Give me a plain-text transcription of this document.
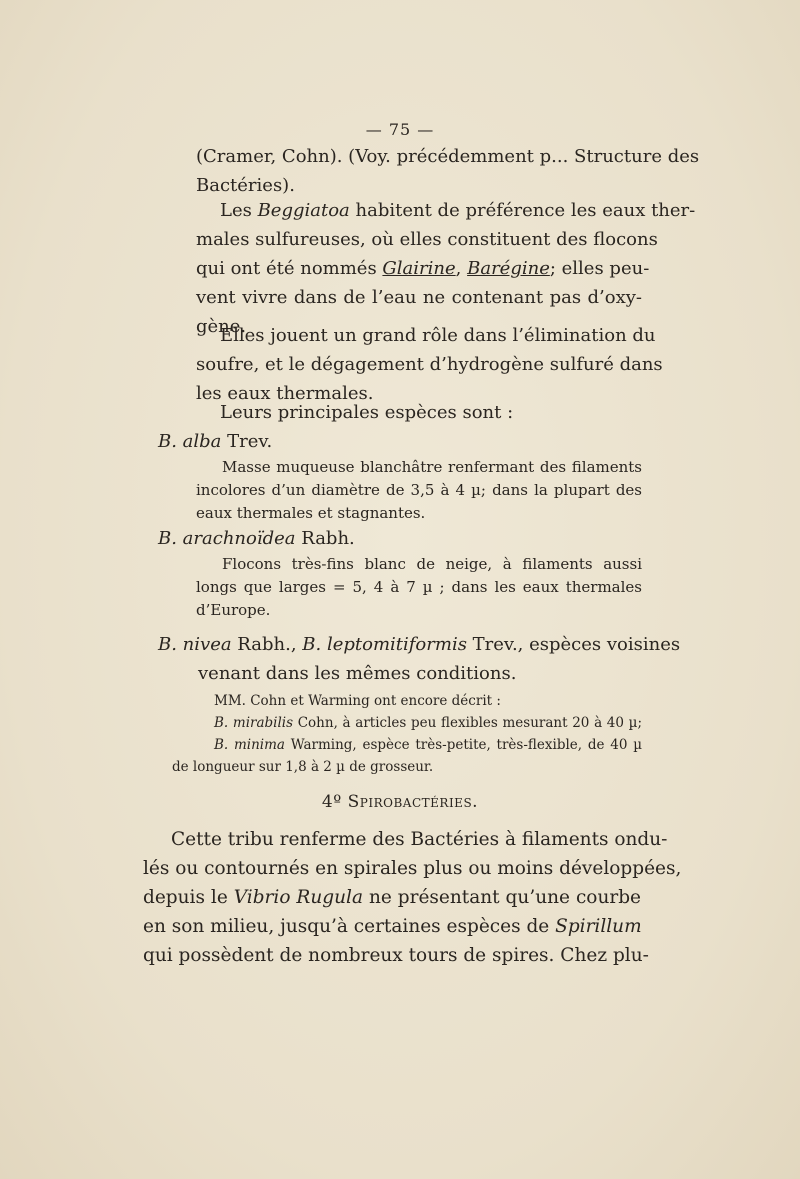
— 75 —
(Cramer, Cohn). (Voy. précédemment p... Structure des
Bactéries).
Les Beggiatoa habitent de préférence les eaux ther-
males sulfureuses, où elles constituent des flocons
qui ont été nommés Glairine, Barégine; elles peu-
vent vivre dans de l’eau ne contenant pas d’oxy-
gène.
Elles jouent un grand rôle dans l’élimination du
soufre, et le dégagement d’hydrogène sulfuré dans
les eaux thermales.
Leurs principales espèces sont :
B. alba Trev.
Masse muqueuse blanchâtre renfermant des filaments
incolores d’un diamètre de 3,5 à 4 µ; dans la plupart des
eaux thermales et stagnantes.
B. arachnoïdea Rabh.
Flocons très-fins blanc de neige, à filaments aussi
longs que larges = 5, 4 à 7 µ ; dans les eaux thermales
d’Europe.
B. nivea Rabh., B. leptomitiformis Trev., espèces voisines
venant dans les mêmes conditions.
MM. Cohn et Warming ont encore décrit :
B. mirabilis Cohn, à articles peu flexibles mesurant 20 à 40 µ;
B. minima Warming, espèce très-petite, très-flexible, de 40 µ
de longueur sur 1,8 à 2 µ de grosseur.
4º Spirobactéries.
Cette tribu renferme des Bactéries à filaments ondu-
lés ou contournés en spirales plus ou moins développées,
depuis le Vibrio Rugula ne présentant qu’une courbe
en son milieu, jusqu’à certaines espèces de Spirillum
qui possèdent de nombreux tours de spires. Chez plu-
